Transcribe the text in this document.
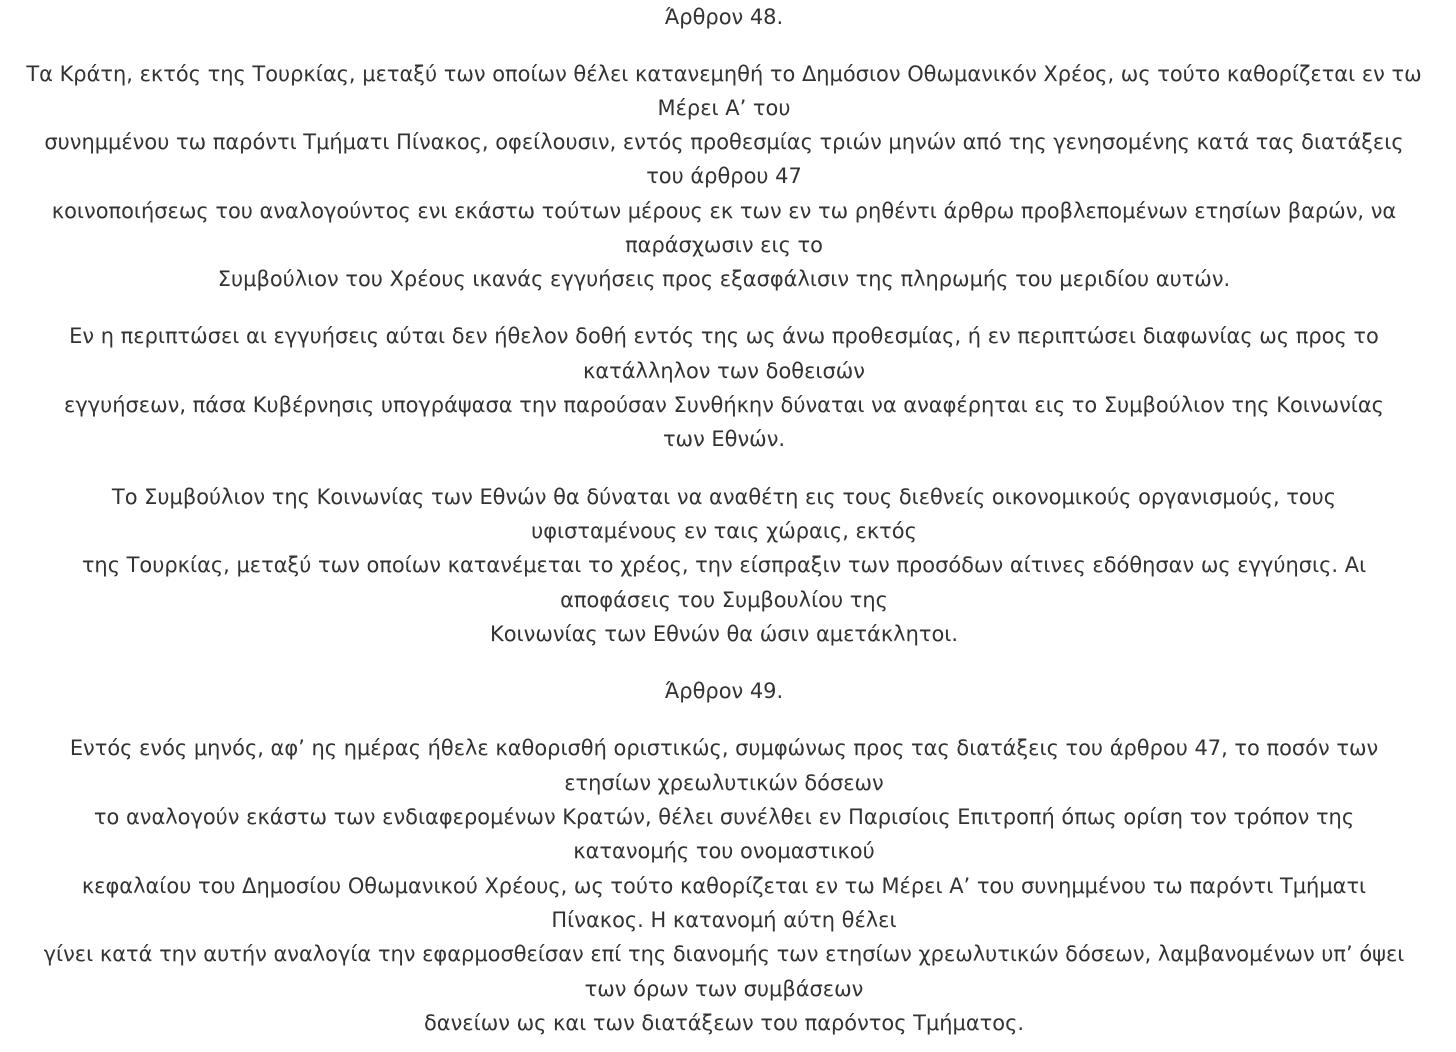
Άρθρον 48.
Τα Κράτη, εκτός της Τουρκίας, μεταξύ των οποίων θέλει κατανεμηθή το Δημόσιον Οθωμανικόν Χρέος, ως τούτο καθορίζεται εν τω
Μέρει Α’ του
συνημμένου τω παρόντι Τμήματι Πίνακος, οφείλουσιν, εντός προθεσμίας τριών μηνών από της γενησομένης κατά τας διατάξεις
του άρθρου 47
κοινοποιήσεως του αναλογούντος ενι εκάστω τούτων μέρους εκ των εν τω ρηθέντι άρθρω προβλεπομένων ετησίων βαρών, να
παράσχωσιν εις το
Συμβούλιον του Χρέους ικανάς εγγυήσεις προς εξασφάλισιν της πληρωμής του μεριδίου αυτών.
Εν η περιπτώσει αι εγγυήσεις αύται δεν ήθελον δοθή εντός της ως άνω προθεσμίας, ή εν περιπτώσει διαφωνίας ως προς το
κατάλληλον των δοθεισών
εγγυήσεων, πάσα Κυβέρνησις υπογράψασα την παρούσαν Συνθήκην δύναται να αναφέρηται εις το Συμβούλιον της Κοινωνίας
των Εθνών.
Το Συμβούλιον της Κοινωνίας των Εθνών θα δύναται να αναθέτη εις τους διεθνείς οικονομικούς οργανισμούς, τους
υφισταμένους εν ταις χώραις, εκτός
της Τουρκίας, μεταξύ των οποίων κατανέμεται το χρέος, την είσπραξιν των προσόδων αίτινες εδόθησαν ως εγγύησις. Αι
αποφάσεις του Συμβουλίου της
Κοινωνίας των Εθνών θα ώσιν αμετάκλητοι.
Άρθρον 49.
Εντός ενός μηνός, αφ’ ης ημέρας ήθελε καθορισθή οριστικώς, συμφώνως προς τας διατάξεις του άρθρου 47, το ποσόν των
ετησίων χρεωλυτικών δόσεων
το αναλογούν εκάστω των ενδιαφερομένων Κρατών, θέλει συνέλθει εν Παρισίοις Επιτροπή όπως ορίση τον τρόπον της
κατανομής του ονομαστικού
κεφαλαίου του Δημοσίου Οθωμανικού Χρέους, ως τούτο καθορίζεται εν τω Μέρει Α’ του συνημμένου τω παρόντι Τμήματι
Πίνακος. Η κατανομή αύτη θέλει
γίνει κατά την αυτήν αναλογία την εφαρμοσθείσαν επί της διανομής των ετησίων χρεωλυτικών δόσεων, λαμβανομένων υπ’ όψει
των όρων των συμβάσεων
δανείων ως και των διατάξεων του παρόντος Τμήματος.
